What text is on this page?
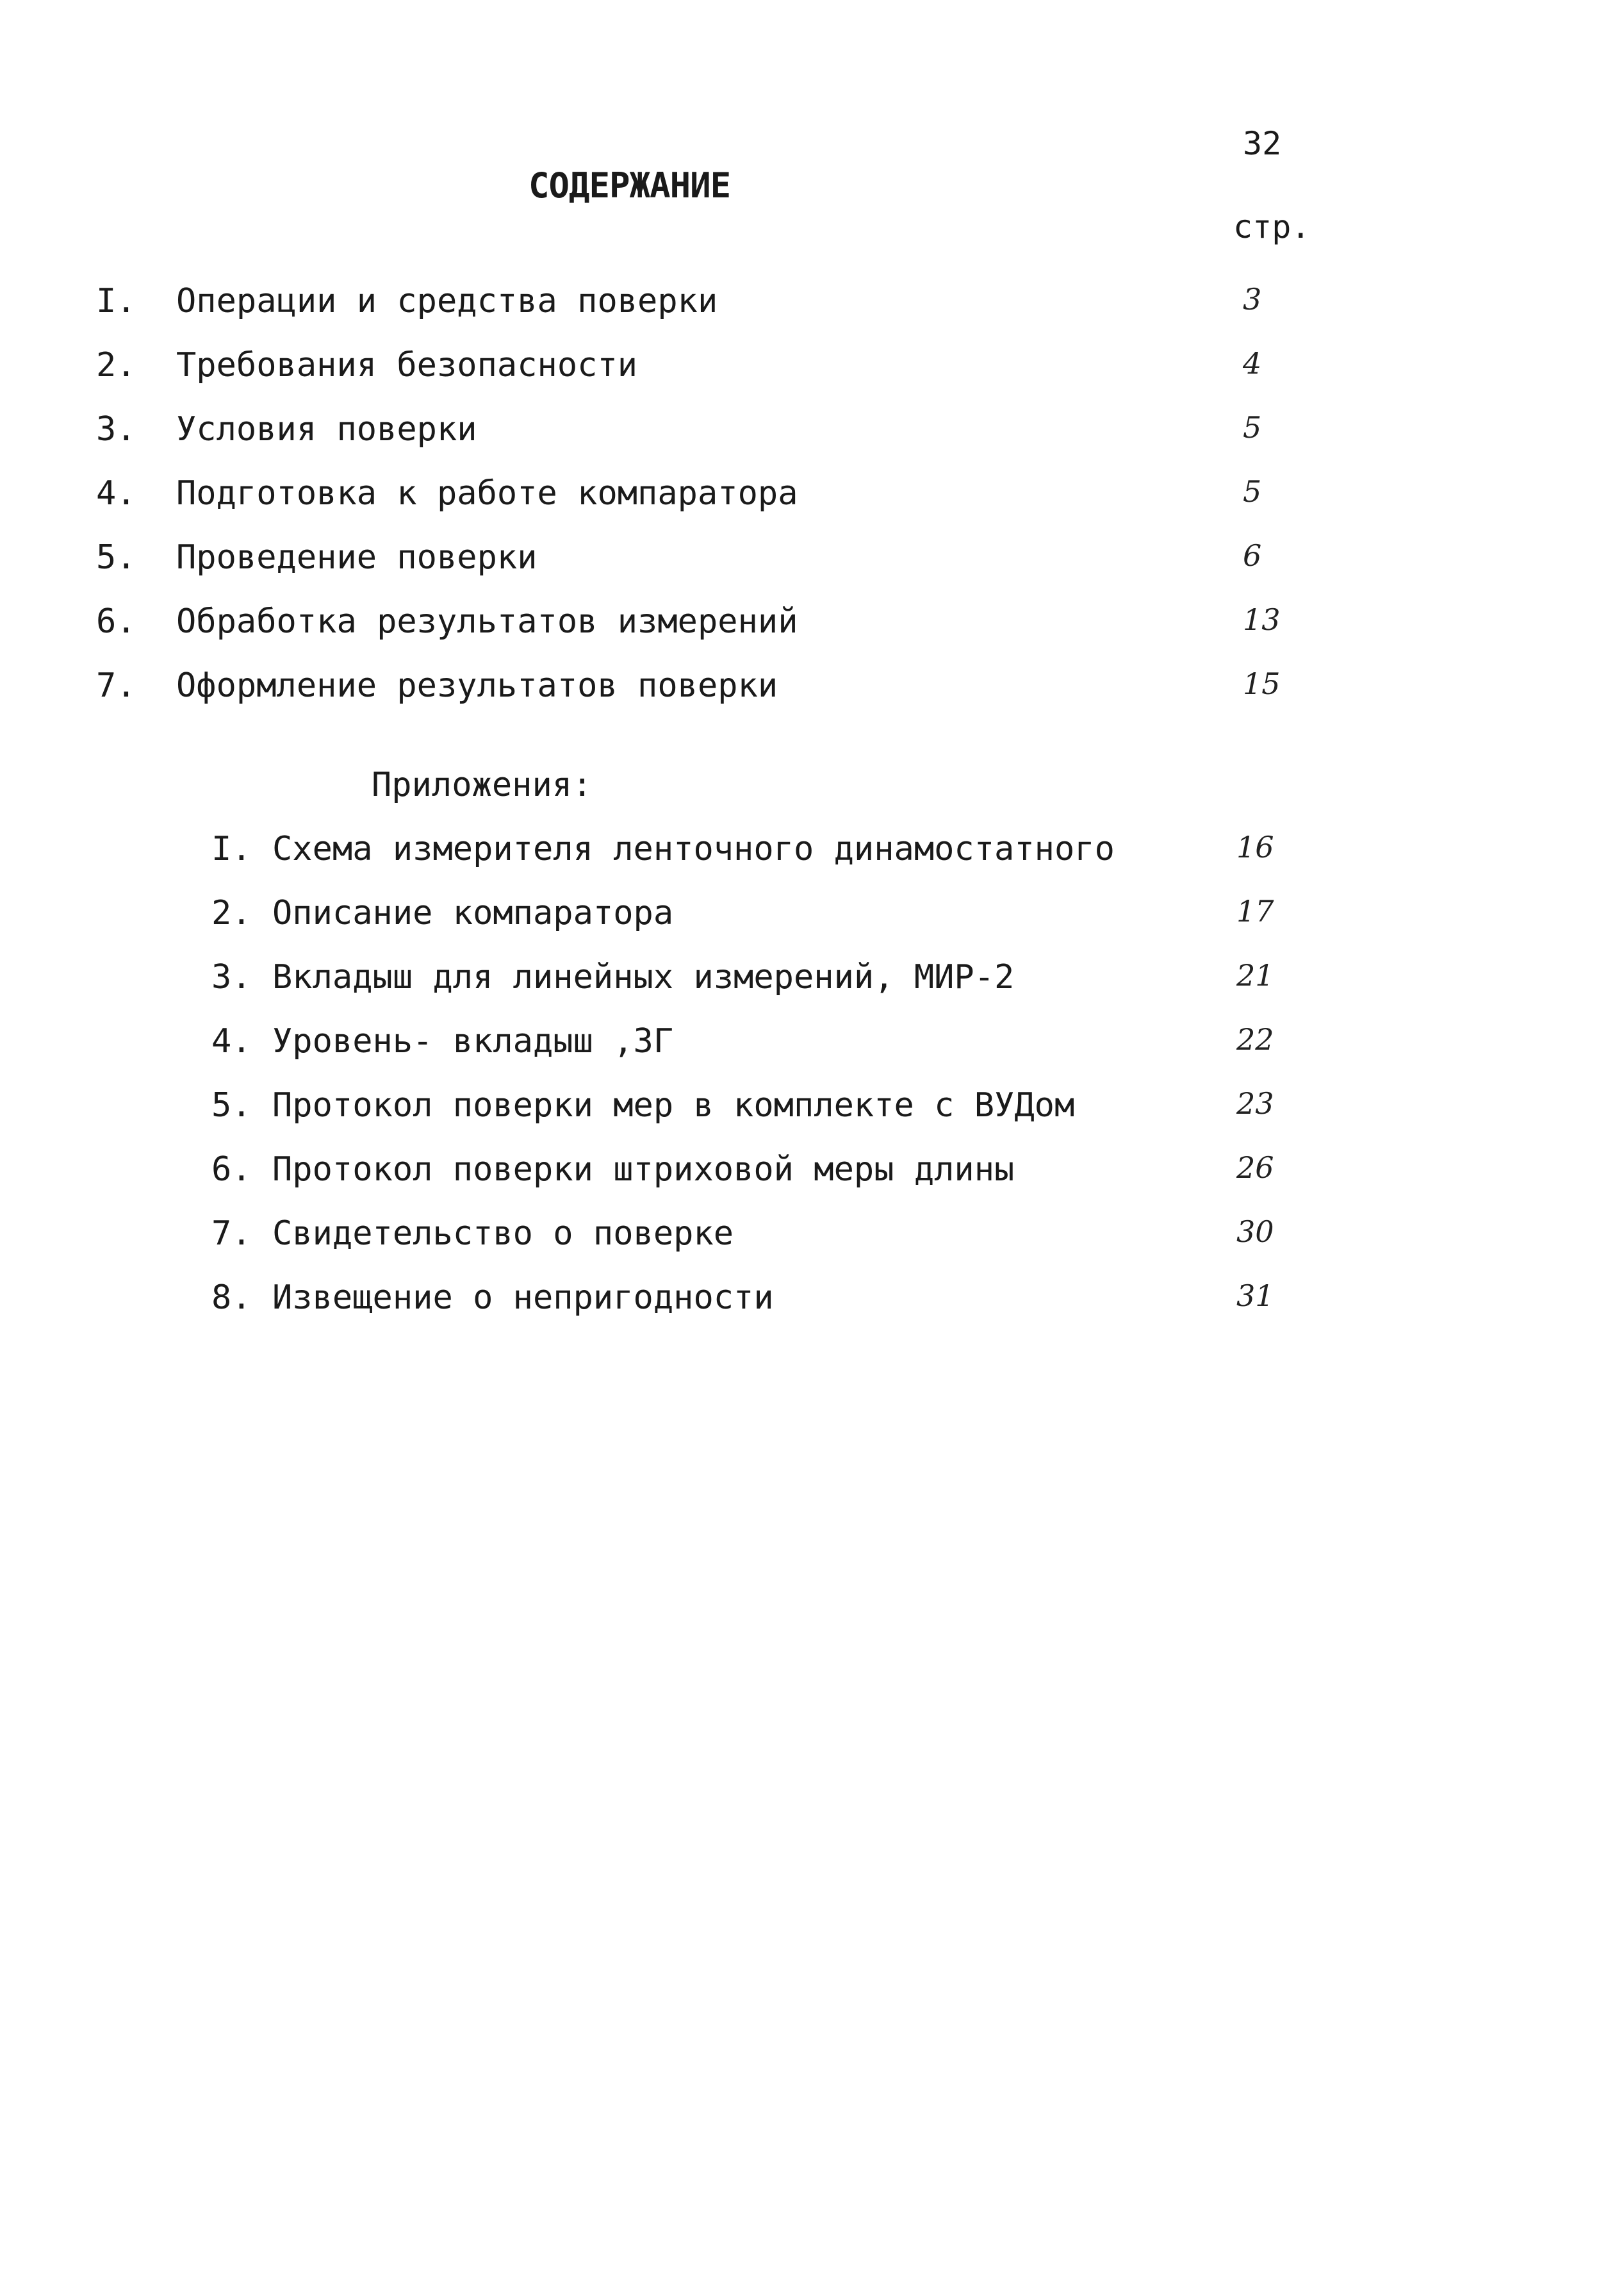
32
СОДЕРЖАНИЕ
стр.
I. Операции и средства поверки	3
2. Требования безопасности	4
3. Условия поверки	5
4. Подготовка к работе компаратора	5
5. Проведение поверки	6
6. Обработка результатов измерений	13
7. Оформление результатов поверки	15
Приложения:
I. Схема измерителя ленточного динамостатного	16
2. Описание компаратора	17
3. Вкладыш для линейных измерений, МИР-2	21
4. Уровень- вкладыш ,3Г	22
5. Протокол поверки мер в комплекте с ВУДом	23
6. Протокол поверки штриховой меры длины	26
7. Свидетельство о поверке	30
8. Извещение о непригодности	31
